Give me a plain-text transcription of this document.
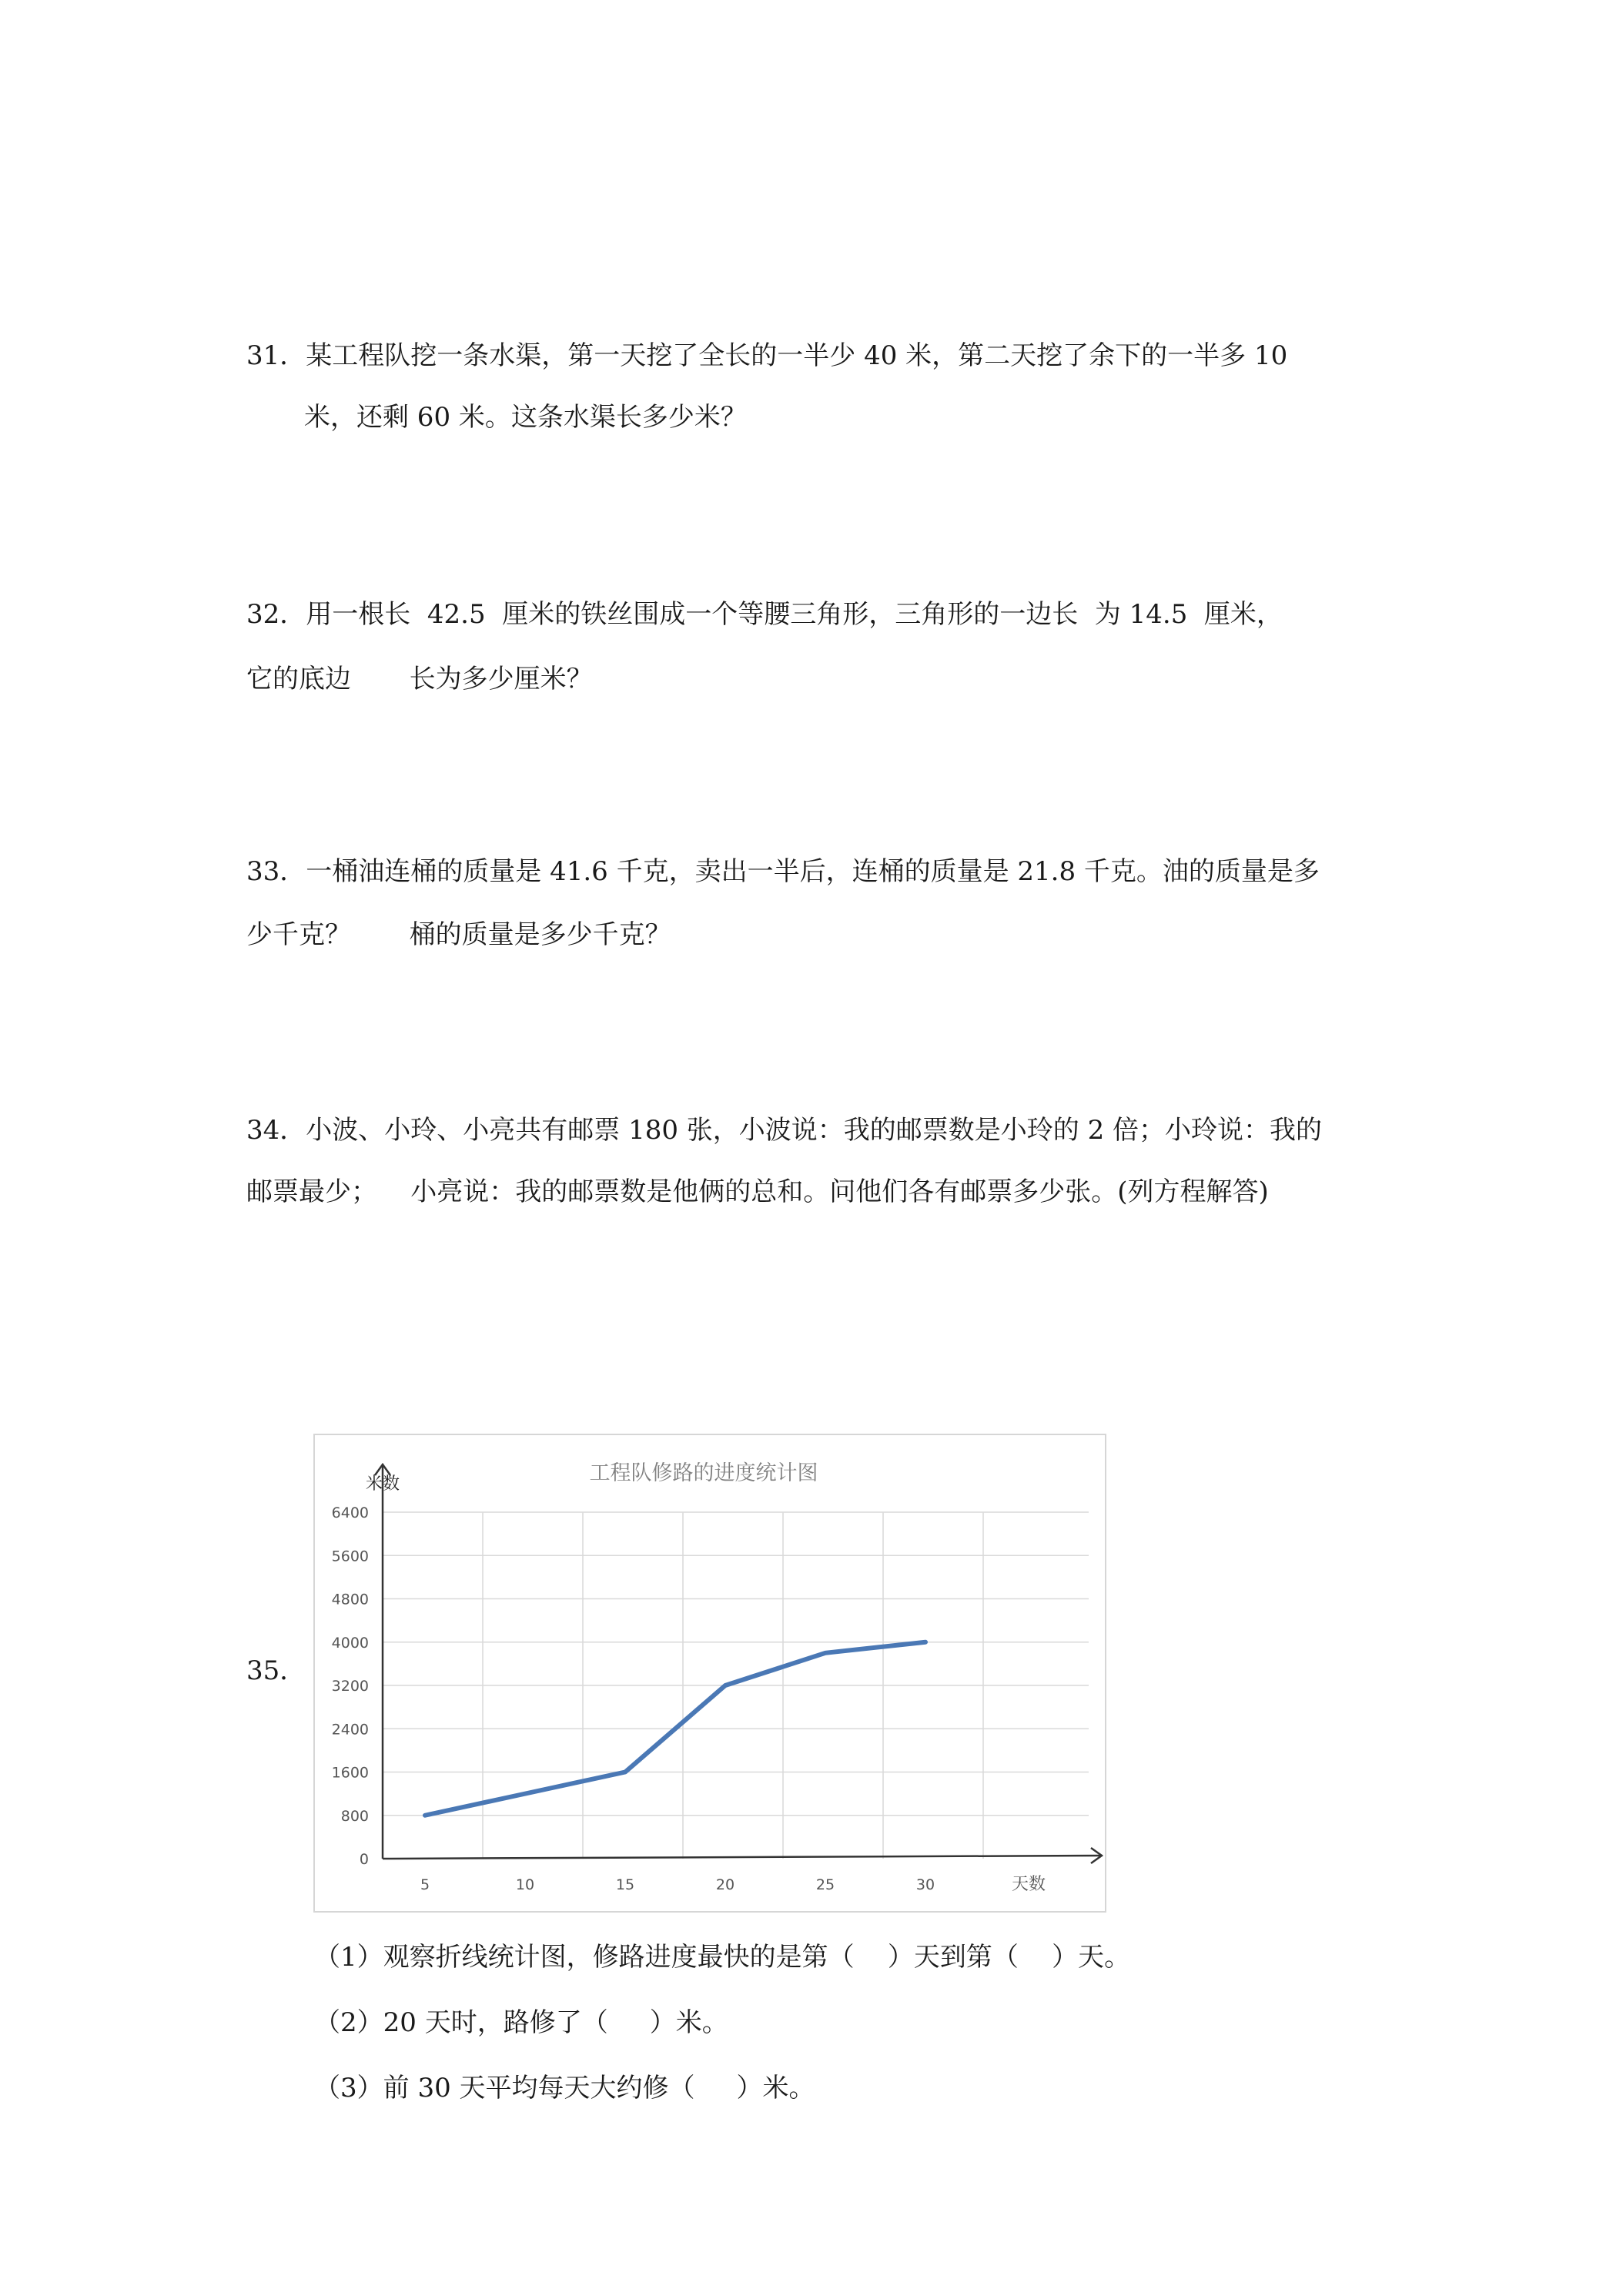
31．某工程队挖一条水渠，第一天挖了全长的一半少 40 米，第二天挖了余下的一半多 10
米，还剩 60 米。这条水渠长多少米？
32．用一根长  42.5  厘米的铁丝围成一个等腰三角形，三角形的一边长  为 14.5  厘米，
它的底边       长为多少厘米？
33．一桶油连桶的质量是 41.6 千克，卖出一半后，连桶的质量是 21.8 千克。油的质量是多
少千克？       桶的质量是多少千克？
34．小波、小玲、小亮共有邮票 180 张，小波说：我的邮票数是小玲的 2 倍；小玲说：我的
邮票最少；    小亮说：我的邮票数是他俩的总和。问他们各有邮票多少张。(列方程解答)
35．
工程队修路的进度统计图
米数
天数
0
800
1600
2400
3200
4000
4800
5600
6400
5	10	15	20	25	30
（1）观察折线统计图，修路进度最快的是第（    ）天到第（    ）天。
（2）20 天时，路修了（     ）米。
（3）前 30 天平均每天大约修（     ）米。
